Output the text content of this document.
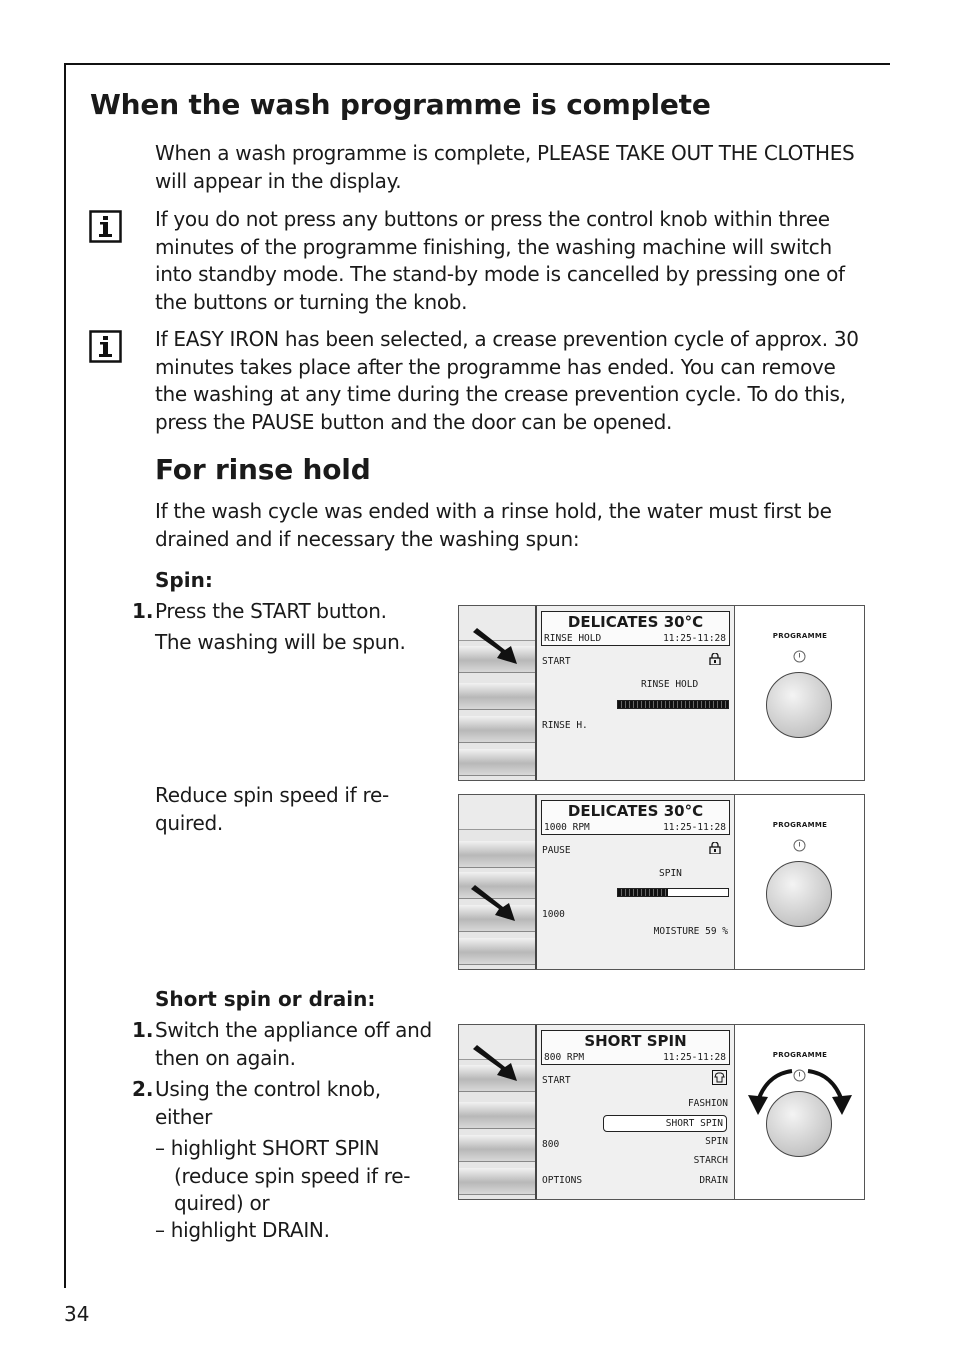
When the wash programme is complete

When a wash programme is complete, PLEASE TAKE OUT THE CLOTHES will appear in the display.

If you do not press any buttons or press the control knob within three minutes of the programme finishing, the washing machine will switch into standby mode. The stand-by mode is cancelled by pressing one of the buttons or turning the knob.

If EASY IRON has been selected, a crease prevention cycle of approx. 30 minutes takes place after the programme has ended. You can remove the washing at any time during the crease prevention cycle. To do this, press the PAUSE button and the door can be opened.

For rinse hold

If the wash cycle was ended with a rinse hold, the water must first be drained and if necessary the washing spun:

Spin:
1. Press the START button.
The washing will be spun.
Reduce spin speed if re-quired.
Short spin or drain:
1. Switch the appliance off and then on again.
2. Using the control knob, either
– highlight SHORT SPIN (reduce spin speed if re-quired) or
– highlight DRAIN.
DELICATES 30°C
RINSE HOLD	11:25-11:28
START
RINSE HOLD
RINSE H.
PROGRAMME
DELICATES 30°C
1000 RPM	11:25-11:28
PAUSE
SPIN
1000
MOISTURE 59 %
PROGRAMME
SHORT SPIN
800 RPM	11:25-11:28
START
FASHION
SHORT SPIN
SPIN
800
STARCH
OPTIONS	DRAIN
PROGRAMME
34
